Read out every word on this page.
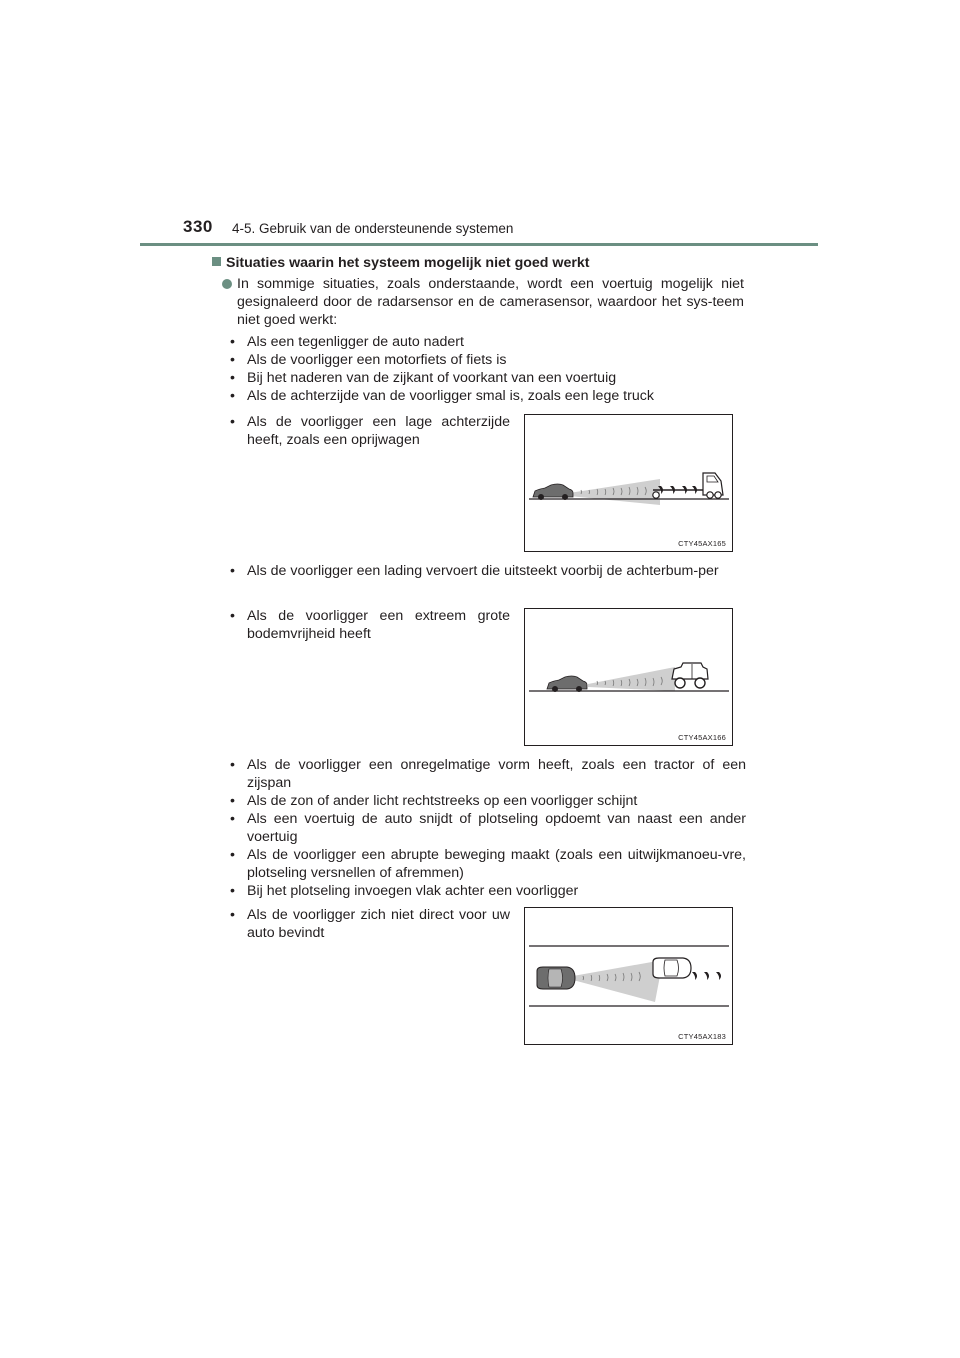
330 4-5. Gebruik van de ondersteunende systemen
Situaties waarin het systeem mogelijk niet goed werkt
In sommige situaties, zoals onderstaande, wordt een voertuig mogelijk niet gesignaleerd door de radarsensor en de camerasensor, waardoor het sys-teem niet goed werkt:
• Als een tegenligger de auto nadert
• Als de voorligger een motorfiets of fiets is
• Bij het naderen van de zijkant of voorkant van een voertuig
• Als de achterzijde van de voorligger smal is, zoals een lege truck
• Als de voorligger een lage achterzijde heeft, zoals een oprijwagen
CTY45AX165
• Als de voorligger een lading vervoert die uitsteekt voorbij de achterbum-per
• Als de voorligger een extreem grote bodemvrijheid heeft
CTY45AX166
• Als de voorligger een onregelmatige vorm heeft, zoals een tractor of een zijspan
• Als de zon of ander licht rechtstreeks op een voorligger schijnt
• Als een voertuig de auto snijdt of plotseling opdoemt van naast een ander voertuig
• Als de voorligger een abrupte beweging maakt (zoals een uitwijkmanoeu-vre, plotseling versnellen of afremmen)
• Bij het plotseling invoegen vlak achter een voorligger
• Als de voorligger zich niet direct voor uw auto bevindt
CTY45AX183
